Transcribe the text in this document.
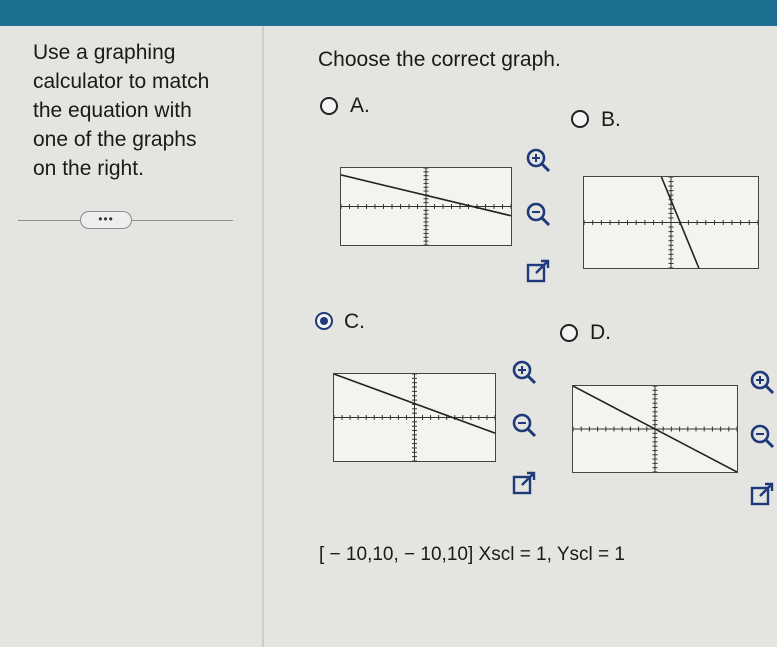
Use a graphing
calculator to match
the equation with
one of the graphs
on the right.
•••
Choose the correct graph.
A.
B.
C.	D.
[ − 10,10, − 10,10] Xscl = 1, Yscl = 1
